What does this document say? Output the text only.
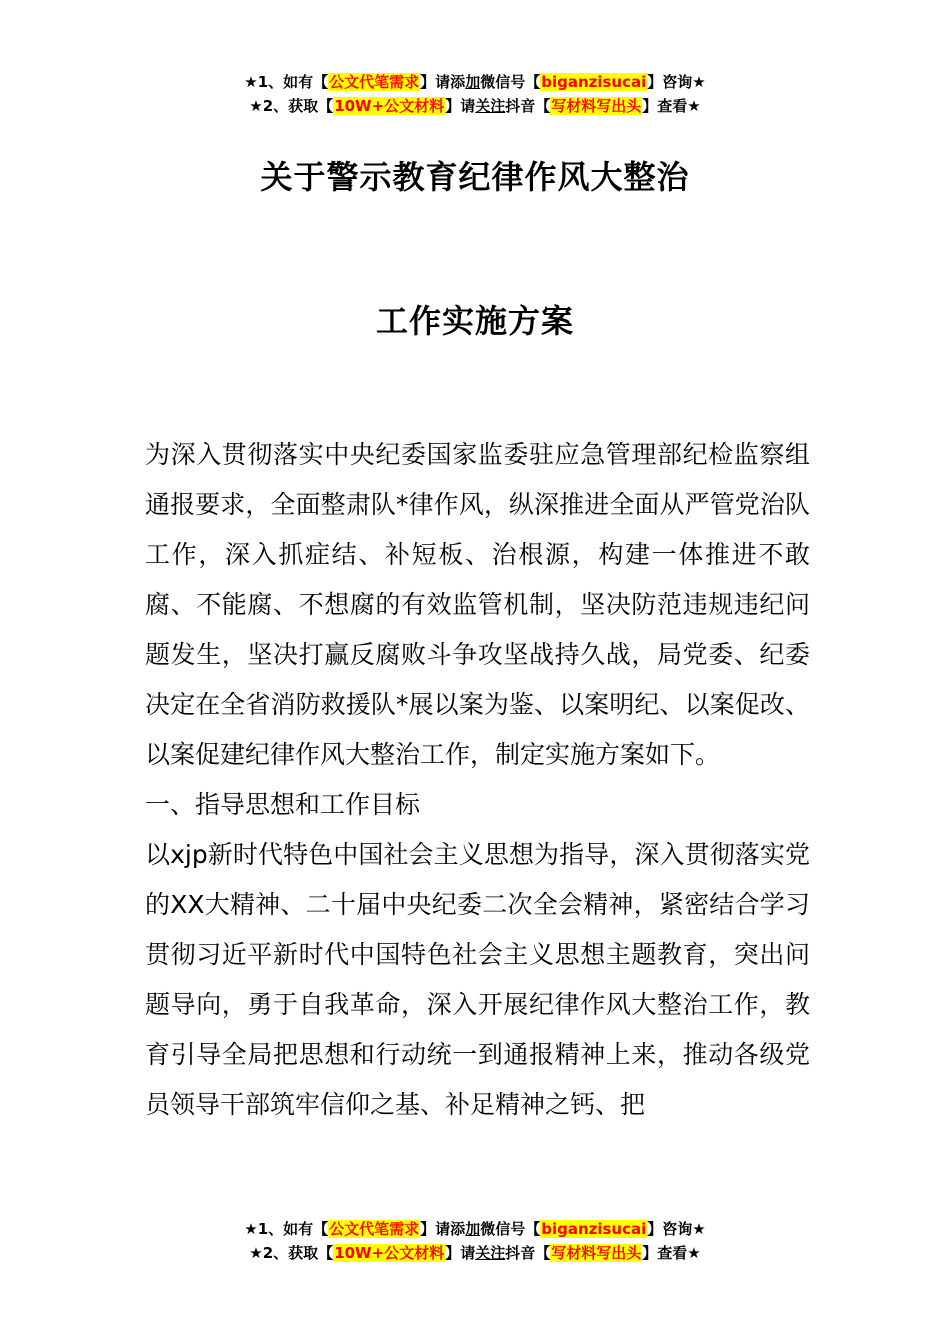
★1、如有【公文代笔需求】请添加微信号【biganzisucai】咨询★
★2、获取【10W+公文材料】请关注抖音【写材料写出头】查看★
关于警示教育纪律作风大整治
工作实施方案

为深入贯彻落实中央纪委国家监委驻应急管理部纪检监察组通报要求，全面整肃队*律作风，纵深推进全面从严管党治队工作，深入抓症结、补短板、治根源，构建一体推进不敢腐、不能腐、不想腐的有效监管机制，坚决防范违规违纪问题发生，坚决打赢反腐败斗争攻坚战持久战，局党委、纪委决定在全省消防救援队*展以案为鉴、以案明纪、以案促改、以案促建纪律作风大整治工作，制定实施方案如下。

一、指导思想和工作目标

以xjp新时代特色中国社会主义思想为指导，深入贯彻落实党的XX大精神、二十届中央纪委二次全会精神，紧密结合学习贯彻习近平新时代中国特色社会主义思想主题教育，突出问题导向，勇于自我革命，深入开展纪律作风大整治工作，教育引导全局把思想和行动统一到通报精神上来，推动各级党员领导干部筑牢信仰之基、补足精神之钙、把

★1、如有【公文代笔需求】请添加微信号【biganzisucai】咨询★
★2、获取【10W+公文材料】请关注抖音【写材料写出头】查看★
